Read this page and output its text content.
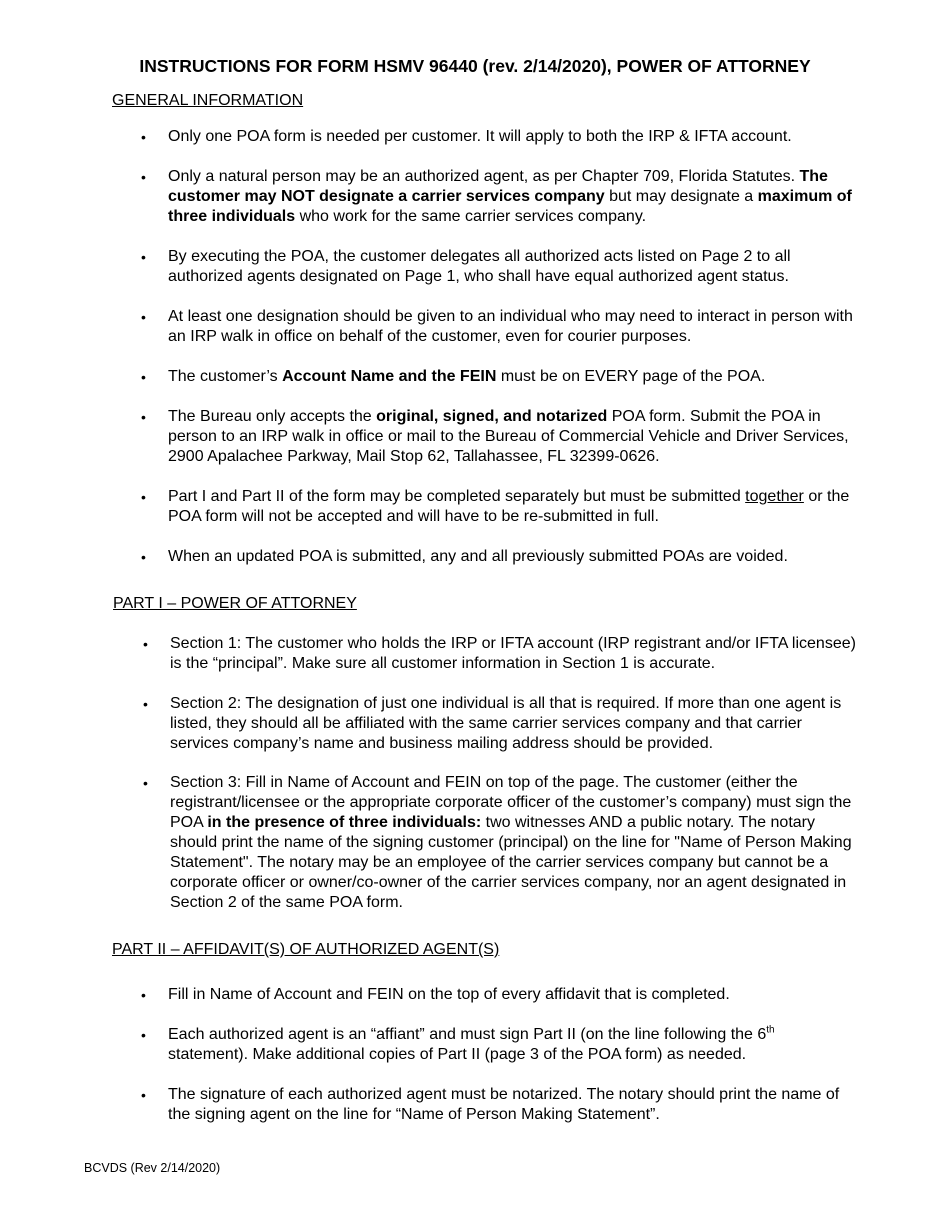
INSTRUCTIONS FOR FORM HSMV 96440 (rev. 2/14/2020), POWER OF ATTORNEY
GENERAL INFORMATION
• Only one POA form is needed per customer. It will apply to both the IRP & IFTA account.
• Only a natural person may be an authorized agent, as per Chapter 709, Florida Statutes. The customer may NOT designate a carrier services company but may designate a maximum of three individuals who work for the same carrier services company.
• By executing the POA, the customer delegates all authorized acts listed on Page 2 to all authorized agents designated on Page 1, who shall have equal authorized agent status.
• At least one designation should be given to an individual who may need to interact in person with an IRP walk in office on behalf of the customer, even for courier purposes.
• The customer’s Account Name and the FEIN must be on EVERY page of the POA.
• The Bureau only accepts the original, signed, and notarized POA form. Submit the POA in person to an IRP walk in office or mail to the Bureau of Commercial Vehicle and Driver Services, 2900 Apalachee Parkway, Mail Stop 62, Tallahassee, FL 32399-0626.
• Part I and Part II of the form may be completed separately but must be submitted together or the POA form will not be accepted and will have to be re-submitted in full.
• When an updated POA is submitted, any and all previously submitted POAs are voided.
PART I – POWER OF ATTORNEY
• Section 1: The customer who holds the IRP or IFTA account (IRP registrant and/or IFTA licensee) is the “principal”. Make sure all customer information in Section 1 is accurate.
• Section 2: The designation of just one individual is all that is required. If more than one agent is listed, they should all be affiliated with the same carrier services company and that carrier services company’s name and business mailing address should be provided.
• Section 3: Fill in Name of Account and FEIN on top of the page. The customer (either the registrant/licensee or the appropriate corporate officer of the customer’s company) must sign the POA in the presence of three individuals: two witnesses AND a public notary. The notary should print the name of the signing customer (principal) on the line for "Name of Person Making Statement". The notary may be an employee of the carrier services company but cannot be a corporate officer or owner/co-owner of the carrier services company, nor an agent designated in Section 2 of the same POA form.
PART II – AFFIDAVIT(S) OF AUTHORIZED AGENT(S)
• Fill in Name of Account and FEIN on the top of every affidavit that is completed.
• Each authorized agent is an “affiant” and must sign Part II (on the line following the 6th statement). Make additional copies of Part II (page 3 of the POA form) as needed.
• The signature of each authorized agent must be notarized. The notary should print the name of the signing agent on the line for “Name of Person Making Statement”.
BCVDS (Rev 2/14/2020)
